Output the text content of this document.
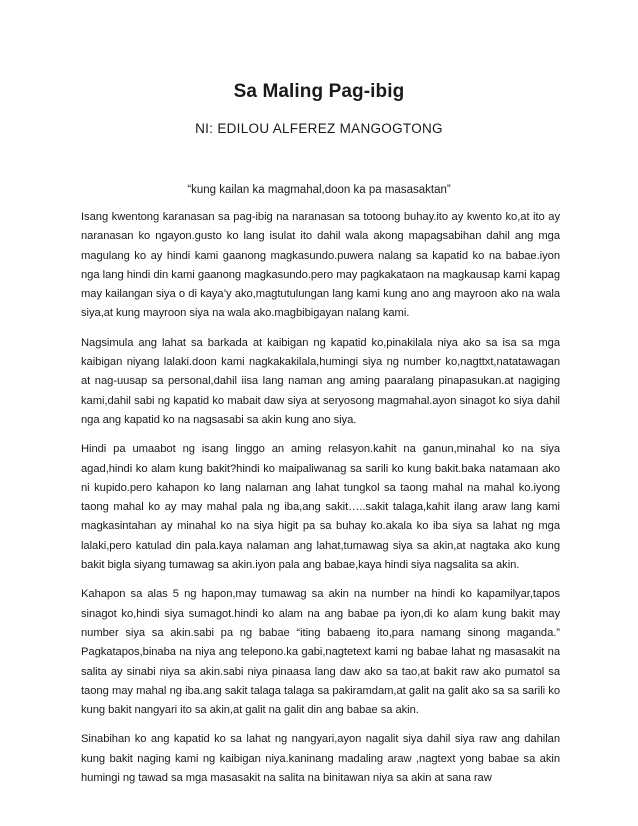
Sa Maling Pag-ibig
NI: EDILOU ALFEREZ MANGOGTONG
“kung kailan ka magmahal,doon ka pa masasaktan”

Isang kwentong karanasan sa pag-ibig na naranasan sa totoong buhay.ito ay kwento ko,at ito ay naranasan ko ngayon.gusto ko lang isulat ito dahil wala akong mapagsabihan dahil ang mga magulang ko ay hindi kami gaanong magkasundo.puwera nalang sa kapatid ko na babae.iyon nga lang hindi din kami gaanong magkasundo.pero may pagkakataon na magkausap kami kapag may kailangan siya o di kaya’y ako,magtutulungan lang kami kung ano ang mayroon ako na wala siya,at kung mayroon siya na wala ako.magbibigayan nalang kami.

Nagsimula ang lahat sa barkada at kaibigan ng kapatid ko,pinakilala niya ako sa isa sa mga kaibigan niyang lalaki.doon kami nagkakakilala,humingi siya ng number ko,nagttxt,natatawagan at nag-uusap sa personal,dahil iisa lang naman ang aming paaralang pinapasukan.at nagiging kami,dahil sabi ng kapatid ko mabait daw siya at seryosong magmahal.ayon sinagot ko siya dahil nga ang kapatid ko na nagsasabi sa akin kung ano siya.

Hindi pa umaabot ng isang linggo an aming relasyon.kahit na ganun,minahal ko na siya agad,hindi ko alam kung bakit?hindi ko maipaliwanag sa sarili ko kung bakit.baka natamaan ako ni kupido.pero kahapon ko lang nalaman ang lahat tungkol sa taong mahal na mahal ko.iyong taong mahal ko ay may mahal pala ng iba,ang sakit…..sakit talaga,kahit ilang araw lang kami magkasintahan ay minahal ko na siya higit pa sa buhay ko.akala ko iba siya sa lahat ng mga lalaki,pero katulad din pala.kaya nalaman ang lahat,tumawag siya sa akin,at nagtaka ako kung bakit bigla siyang tumawag sa akin.iyon pala ang babae,kaya hindi siya nagsalita sa akin.

Kahapon sa alas 5 ng hapon,may tumawag sa akin na number na hindi ko kapamilyar,tapos sinagot ko,hindi siya sumagot.hindi ko alam na ang babae pa iyon,di ko alam kung bakit may number siya sa akin.sabi pa ng babae “iting babaeng ito,para namang sinong maganda.” Pagkatapos,binaba na niya ang telepono.ka gabi,nagtetext kami ng babae lahat ng masasakit na salita ay sinabi niya sa akin.sabi niya pinaasa lang daw ako sa tao,at bakit raw ako pumatol sa taong may mahal ng iba.ang sakit talaga talaga sa pakiramdam,at galit na galit ako sa sa sarili ko kung bakit nangyari ito sa akin,at galit na galit din ang babae sa akin.

Sinabihan ko ang kapatid ko sa lahat ng nangyari,ayon nagalit siya dahil siya raw ang dahilan kung bakit naging kami ng kaibigan niya.kaninang madaling araw ,nagtext yong babae sa akin humingi ng tawad sa mga masasakit na salita na binitawan niya sa akin at sana raw
